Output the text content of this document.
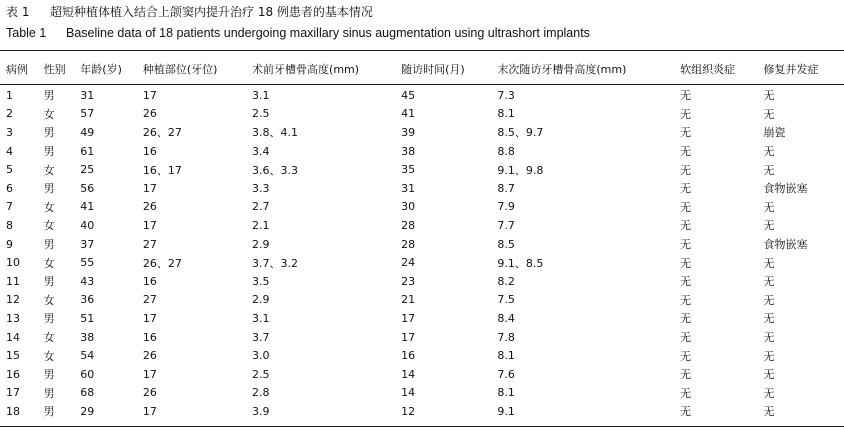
表 1 超短种植体植入结合上颌窦内提升治疗 18 例患者的基本情况
Table 1 Baseline data of 18 patients undergoing maxillary sinus augmentation using ultrashort implants
病例	性别	年龄(岁)	种植部位(牙位)	术前牙槽骨高度(mm)	随访时间(月)	末次随访牙槽骨高度(mm)	软组织炎症	修复并发症
1	男	31	17	3.1	45	7.3	无	无
2	女	57	26	2.5	41	8.1	无	无
3	男	49	26、27	3.8、4.1	39	8.5、9.7	无	崩瓷
4	男	61	16	3.4	38	8.8	无	无
5	女	25	16、17	3.6、3.3	35	9.1、9.8	无	无
6	男	56	17	3.3	31	8.7	无	食物嵌塞
7	女	41	26	2.7	30	7.9	无	无
8	女	40	17	2.1	28	7.7	无	无
9	男	37	27	2.9	28	8.5	无	食物嵌塞
10	女	55	26、27	3.7、3.2	24	9.1、8.5	无	无
11	男	43	16	3.5	23	8.2	无	无
12	女	36	27	2.9	21	7.5	无	无
13	男	51	17	3.1	17	8.4	无	无
14	女	38	16	3.7	17	7.8	无	无
15	女	54	26	3.0	16	8.1	无	无
16	男	60	17	2.5	14	7.6	无	无
17	男	68	26	2.8	14	8.1	无	无
18	男	29	17	3.9	12	9.1	无	无
